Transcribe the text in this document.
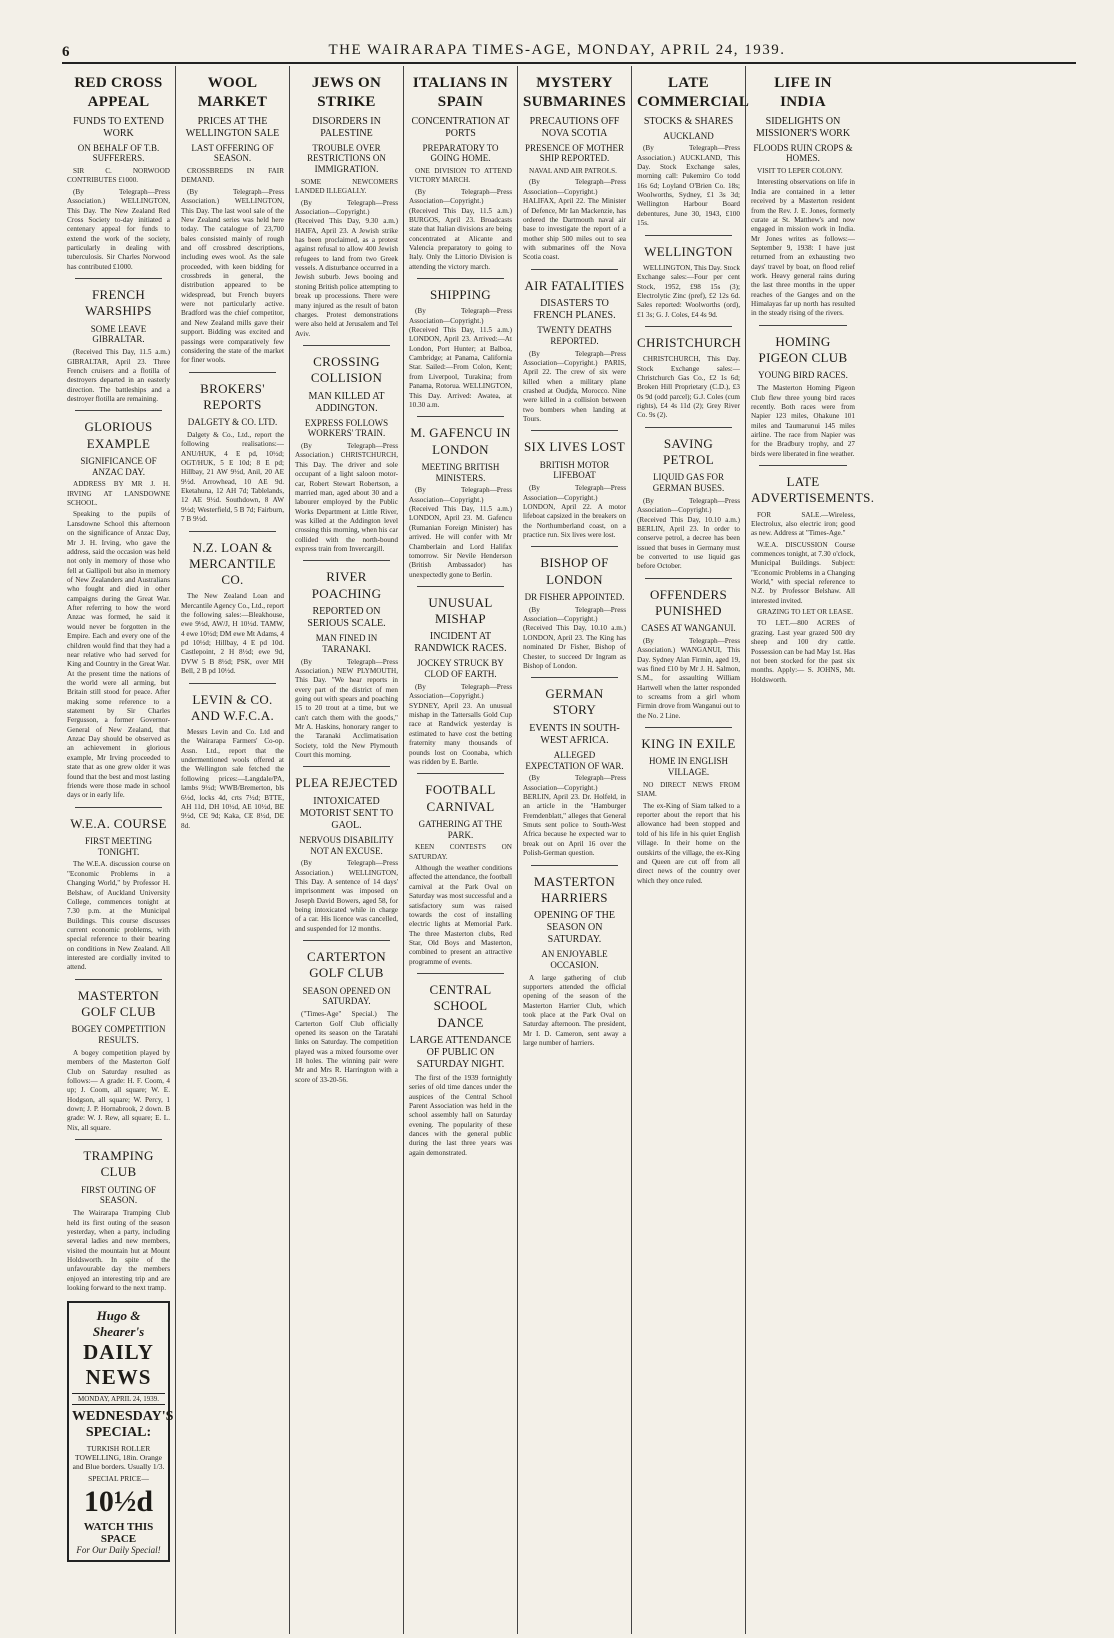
6	THE WAIRARAPA TIMES-AGE, MONDAY, APRIL 24, 1939.
RED CROSS APPEAL
FUNDS TO EXTEND WORK
ON BEHALF OF T.B. SUFFERERS.

SIR C. NORWOOD CONTRIBUTES £1000.

(By Telegraph—Press Association.) WELLINGTON, This Day. The New Zealand Red Cross Society to-day initiated a centenary appeal for funds to extend the work of the society, particularly in dealing with tuberculosis. Sir Charles Norwood has contributed £1000.

FRENCH WARSHIPS
SOME LEAVE GIBRALTAR.

(Received This Day, 11.5 a.m.) GIBRALTAR, April 23. Three French cruisers and a flotilla of destroyers departed in an easterly direction. The battleships and a destroyer flotilla are remaining.

GLORIOUS EXAMPLE
SIGNIFICANCE OF ANZAC DAY.

ADDRESS BY MR J. H. IRVING AT LANSDOWNE SCHOOL.

Speaking to the pupils of Lansdowne School this afternoon on the significance of Anzac Day, Mr J. H. Irving, who gave the address, said the occasion was held not only in memory of those who fell at Gallipoli but also in memory of New Zealanders and Australians who fought and died in other campaigns during the Great War. After referring to how the word Anzac was formed, he said it would never be forgotten in the Empire. Each and every one of the children would find that they had a near relative who had served for King and Country in the Great War. At the present time the nations of the world were all arming, but Britain still stood for peace. After making some reference to a statement by Sir Charles Fergusson, a former Governor-General of New Zealand, that Anzac Day should be observed as an achievement in glorious example, Mr Irving proceeded to state that as one grew older it was found that the best and most lasting friends were those made in school days or in early life.

W.E.A. COURSE
FIRST MEETING TONIGHT.

The W.E.A. discussion course on "Economic Problems in a Changing World," by Professor H. Belshaw, of Auckland University College, commences tonight at 7.30 p.m. at the Municipal Buildings. This course discusses current economic problems, with special reference to their bearing on conditions in New Zealand. All interested are cordially invited to attend.

MASTERTON GOLF CLUB
BOGEY COMPETITION RESULTS.

A bogey competition played by members of the Masterton Golf Club on Saturday resulted as follows:— A grade: H. F. Coom, 4 up; J. Coom, all square; W. E. Hodgson, all square; W. Percy, 1 down; J. P. Hornabrook, 2 down. B grade: W. J. Rew, all square; E. L. Nix, all square.

TRAMPING CLUB
FIRST OUTING OF SEASON.

The Wairarapa Tramping Club held its first outing of the season yesterday, when a party, including several ladies and new members, visited the mountain hut at Mount Holdsworth. In spite of the unfavourable day the members enjoyed an interesting trip and are looking forward to the next tramp.

Hugo & Shearer's
DAILY NEWS
MONDAY, APRIL 24, 1939.
WEDNESDAY'S SPECIAL:
TURKISH ROLLER TOWELLING, 18in. Orange and Blue borders. Usually 1/3.
SPECIAL PRICE—
10½d
WATCH THIS SPACE
For Our Daily Special!
WOOL MARKET
PRICES AT THE WELLINGTON SALE
LAST OFFERING OF SEASON.

CROSSBREDS IN FAIR DEMAND.

(By Telegraph—Press Association.) WELLINGTON, This Day. The last wool sale of the New Zealand series was held here today. The catalogue of 23,700 bales consisted mainly of rough and off crossbred descriptions, including ewes wool. As the sale proceeded, with keen bidding for crossbreds in general, the distribution appeared to be widespread, but French buyers were not particularly active. Bradford was the chief competitor, and New Zealand mills gave their support. Bidding was excited and passings were comparatively few considering the state of the market for finer wools.

BROKERS' REPORTS
DALGETY & CO. LTD.

Dalgety & Co., Ltd., report the following realisations:—ANU/HUK, 4 E pd, 10½d; OGT/HUK, 5 E 10d; 8 E pd; Hillbay, 21 AW 9½d, Anil, 20 AE 9½d. Arrowhead, 10 AE 9d. Eketahuna, 12 AH 7d; Tablelands, 12 AE 9½d. Southdown, 8 AW 9½d; Westerfield, 5 B 7d; Fairburn, 7 B 9½d.

N.Z. LOAN & MERCANTILE CO.

The New Zealand Loan and Mercantile Agency Co., Ltd., report the following sales:—Bleakhouse, ewe 9½d, AW/J, H 10½d. TAMW, 4 ewe 10½d; DM ewe Mt Adams, 4 pd 10½d; Hillbay, 4 E pd 10d. Castlepoint, 2 H 8½d; ewe 9d, DVW 5 B 8½d; PSK, over MH Bell, 2 B pd 10½d.

LEVIN & CO. AND W.F.C.A.

Messrs Levin and Co. Ltd and the Wairarapa Farmers' Co-op. Assn. Ltd., report that the undermentioned wools offered at the Wellington sale fetched the following prices:—Langdale/PA, lambs 9½d; WWB/Bremerton, bls 6½d, locks 4d, crts 7½d; BTTE, AH 11d, DH 10½d, AE 10½d, BE 9½d, CE 9d; Kaka, CE 8½d, DE 8d.

JEWS ON STRIKE
DISORDERS IN PALESTINE
TROUBLE OVER RESTRICTIONS ON IMMIGRATION.

SOME NEWCOMERS LANDED ILLEGALLY.

(By Telegraph—Press Association—Copyright.) (Received This Day, 9.30 a.m.) HAIFA, April 23. A Jewish strike has been proclaimed, as a protest against refusal to allow 400 Jewish refugees to land from two Greek vessels. A disturbance occurred in a Jewish suburb. Jews booing and stoning British police attempting to break up processions. There were many injured as the result of baton charges. Protest demonstrations were also held at Jerusalem and Tel Aviv.

CROSSING COLLISION
MAN KILLED AT ADDINGTON.
EXPRESS FOLLOWS WORKERS' TRAIN.

(By Telegraph—Press Association.) CHRISTCHURCH, This Day. The driver and sole occupant of a light saloon motor-car, Robert Stewart Robertson, a married man, aged about 30 and a labourer employed by the Public Works Department at Little River, was killed at the Addington level crossing this morning, when his car collided with the north-bound express train from Invercargill.

RIVER POACHING
REPORTED ON SERIOUS SCALE.
MAN FINED IN TARANAKI.

(By Telegraph—Press Association.) NEW PLYMOUTH, This Day. "We hear reports in every part of the district of men going out with spears and poaching 15 to 20 trout at a time, but we can't catch them with the goods," Mr A. Haskins, honorary ranger to the Taranaki Acclimatisation Society, told the New Plymouth Court this morning.

PLEA REJECTED
INTOXICATED MOTORIST SENT TO GAOL.
NERVOUS DISABILITY NOT AN EXCUSE.

(By Telegraph—Press Association.) WELLINGTON, This Day. A sentence of 14 days' imprisonment was imposed on Joseph David Bowers, aged 58, for being intoxicated while in charge of a car. His licence was cancelled, and suspended for 12 months.

CARTERTON GOLF CLUB
SEASON OPENED ON SATURDAY.

("Times-Age" Special.) The Carterton Golf Club officially opened its season on the Taratahi links on Saturday. The competition played was a mixed foursome over 18 holes. The winning pair were Mr and Mrs R. Harrington with a score of 33-20-56.

ITALIANS IN SPAIN
CONCENTRATION AT PORTS
PREPARATORY TO GOING HOME.

ONE DIVISION TO ATTEND VICTORY MARCH.

(By Telegraph—Press Association—Copyright.) (Received This Day, 11.5 a.m.) BURGOS, April 23. Broadcasts state that Italian divisions are being concentrated at Alicante and Valencia preparatory to going to Italy. Only the Littorio Division is attending the victory march.

SHIPPING

(By Telegraph—Press Association—Copyright.) (Received This Day, 11.5 a.m.) LONDON, April 23. Arrived:—At London, Port Hunter; at Balboa, Cambridge; at Panama, California Star. Sailed:—From Colon, Kent; from Liverpool, Turakina; from Panama, Rotorua. WELLINGTON, This Day. Arrived: Awatea, at 10.30 a.m.

M. GAFENCU IN LONDON
MEETING BRITISH MINISTERS.

(By Telegraph—Press Association—Copyright.) (Received This Day, 11.5 a.m.) LONDON, April 23. M. Gafencu (Rumanian Foreign Minister) has arrived. He will confer with Mr Chamberlain and Lord Halifax tomorrow. Sir Nevile Henderson (British Ambassador) has unexpectedly gone to Berlin.

UNUSUAL MISHAP
INCIDENT AT RANDWICK RACES.
JOCKEY STRUCK BY CLOD OF EARTH.

(By Telegraph—Press Association—Copyright.) SYDNEY, April 23. An unusual mishap in the Tattersalls Gold Cup race at Randwick yesterday is estimated to have cost the betting fraternity many thousands of pounds lost on Coonaba, which was ridden by E. Bartle.

FOOTBALL CARNIVAL
GATHERING AT THE PARK.

KEEN CONTESTS ON SATURDAY.

Although the weather conditions affected the attendance, the football carnival at the Park Oval on Saturday was most successful and a satisfactory sum was raised towards the cost of installing electric lights at Memorial Park. The three Masterton clubs, Red Star, Old Boys and Masterton, combined to present an attractive programme of events.

CENTRAL SCHOOL DANCE
LARGE ATTENDANCE OF PUBLIC ON SATURDAY NIGHT.

The first of the 1939 fortnightly series of old time dances under the auspices of the Central School Parent Association was held in the school assembly hall on Saturday evening. The popularity of these dances with the general public during the last three years was again demonstrated.

MYSTERY SUBMARINES
PRECAUTIONS OFF NOVA SCOTIA
PRESENCE OF MOTHER SHIP REPORTED.

NAVAL AND AIR PATROLS.

(By Telegraph—Press Association—Copyright.) HALIFAX, April 22. The Minister of Defence, Mr Ian Mackenzie, has ordered the Dartmouth naval air base to investigate the report of a mother ship 500 miles out to sea with submarines off the Nova Scotia coast.

AIR FATALITIES
DISASTERS TO FRENCH PLANES.
TWENTY DEATHS REPORTED.

(By Telegraph—Press Association—Copyright.) PARIS, April 22. The crew of six were killed when a military plane crashed at Oudjda, Morocco. Nine were killed in a collision between two bombers when landing at Tours.

SIX LIVES LOST
BRITISH MOTOR LIFEBOAT

(By Telegraph—Press Association—Copyright.) LONDON, April 22. A motor lifeboat capsized in the breakers on the Northumberland coast, on a practice run. Six lives were lost.

BISHOP OF LONDON
DR FISHER APPOINTED.

(By Telegraph—Press Association—Copyright.) (Received This Day, 10.10 a.m.) LONDON, April 23. The King has nominated Dr Fisher, Bishop of Chester, to succeed Dr Ingram as Bishop of London.

GERMAN STORY
EVENTS IN SOUTH-WEST AFRICA.
ALLEGED EXPECTATION OF WAR.

(By Telegraph—Press Association—Copyright.) BERLIN, April 23. Dr. Holfeld, in an article in the "Hamburger Fremdenblatt," alleges that General Smuts sent police to South-West Africa because he expected war to break out on April 16 over the Polish-German question.

MASTERTON HARRIERS
OPENING OF THE SEASON ON SATURDAY.
AN ENJOYABLE OCCASION.

A large gathering of club supporters attended the official opening of the season of the Masterton Harrier Club, which took place at the Park Oval on Saturday afternoon. The president, Mr I. D. Cameron, sent away a large number of harriers.

LATE COMMERCIAL
STOCKS & SHARES
AUCKLAND

(By Telegraph—Press Association.) AUCKLAND, This Day. Stock Exchange sales, morning call: Pukemiro Co todd 16s 6d; Loyland O'Brien Co. 18s; Woolworths, Sydney, £1 3s 3d; Wellington Harbour Board debentures, June 30, 1943, £100 15s.

WELLINGTON

WELLINGTON, This Day. Stock Exchange sales:—Four per cent Stock, 1952, £98 15s (3); Electrolytic Zinc (pref), £2 12s 6d. Sales reported: Woolworths (ord), £1 3s; G. J. Coles, £4 4s 9d.

CHRISTCHURCH

CHRISTCHURCH, This Day. Stock Exchange sales:—Christchurch Gas Co., £2 1s 6d; Broken Hill Proprietary (C.D.), £3 0s 9d (odd parcel); G.J. Coles (cum rights), £4 4s 11d (2); Grey River Co. 9s (2).

SAVING PETROL
LIQUID GAS FOR GERMAN BUSES.

(By Telegraph—Press Association—Copyright.) (Received This Day, 10.10 a.m.) BERLIN, April 23. In order to conserve petrol, a decree has been issued that buses in Germany must be converted to use liquid gas before October.

OFFENDERS PUNISHED
CASES AT WANGANUI.

(By Telegraph—Press Association.) WANGANUI, This Day. Sydney Alan Firmin, aged 19, was fined £10 by Mr J. H. Salmon, S.M., for assaulting William Hartwell when the latter responded to screams from a girl whom Firmin drove from Wanganui out to the No. 2 Line.

KING IN EXILE
HOME IN ENGLISH VILLAGE.

NO DIRECT NEWS FROM SIAM.

The ex-King of Siam talked to a reporter about the report that his allowance had been stopped and told of his life in his quiet English village. In their home on the outskirts of the village, the ex-King and Queen are cut off from all direct news of the country over which they once ruled.

LIFE IN INDIA
SIDELIGHTS ON MISSIONER'S WORK
FLOODS RUIN CROPS & HOMES.

VISIT TO LEPER COLONY.

Interesting observations on life in India are contained in a letter received by a Masterton resident from the Rev. J. E. Jones, formerly curate at St. Matthew's and now engaged in mission work in India. Mr Jones writes as follows:— September 9, 1938: I have just returned from an exhausting two days' travel by boat, on flood relief work. Heavy general rains during the last three months in the upper reaches of the Ganges and on the Himalayas far up north has resulted in the steady rising of the rivers.

HOMING PIGEON CLUB
YOUNG BIRD RACES.

The Masterton Homing Pigeon Club flew three young bird races recently. Both races were from Napier 123 miles, Ohakune 101 miles and Taumarunui 145 miles airline. The race from Napier was for the Bradbury trophy, and 27 birds were liberated in fine weather.

LATE ADVERTISEMENTS.

FOR SALE.—Wireless, Electrolux, also electric iron; good as new. Address at "Times-Age."

W.E.A. DISCUSSION Course commences tonight, at 7.30 o'clock, Municipal Buildings. Subject: "Economic Problems in a Changing World," with special reference to N.Z. by Professor Belshaw. All interested invited.

GRAZING TO LET OR LEASE.

TO LET.—800 ACRES of grazing. Last year grazed 500 dry sheep and 100 dry cattle. Possession can be had May 1st. Has not been stocked for the past six months. Apply:— S. JOHNS, Mt. Holdsworth.
